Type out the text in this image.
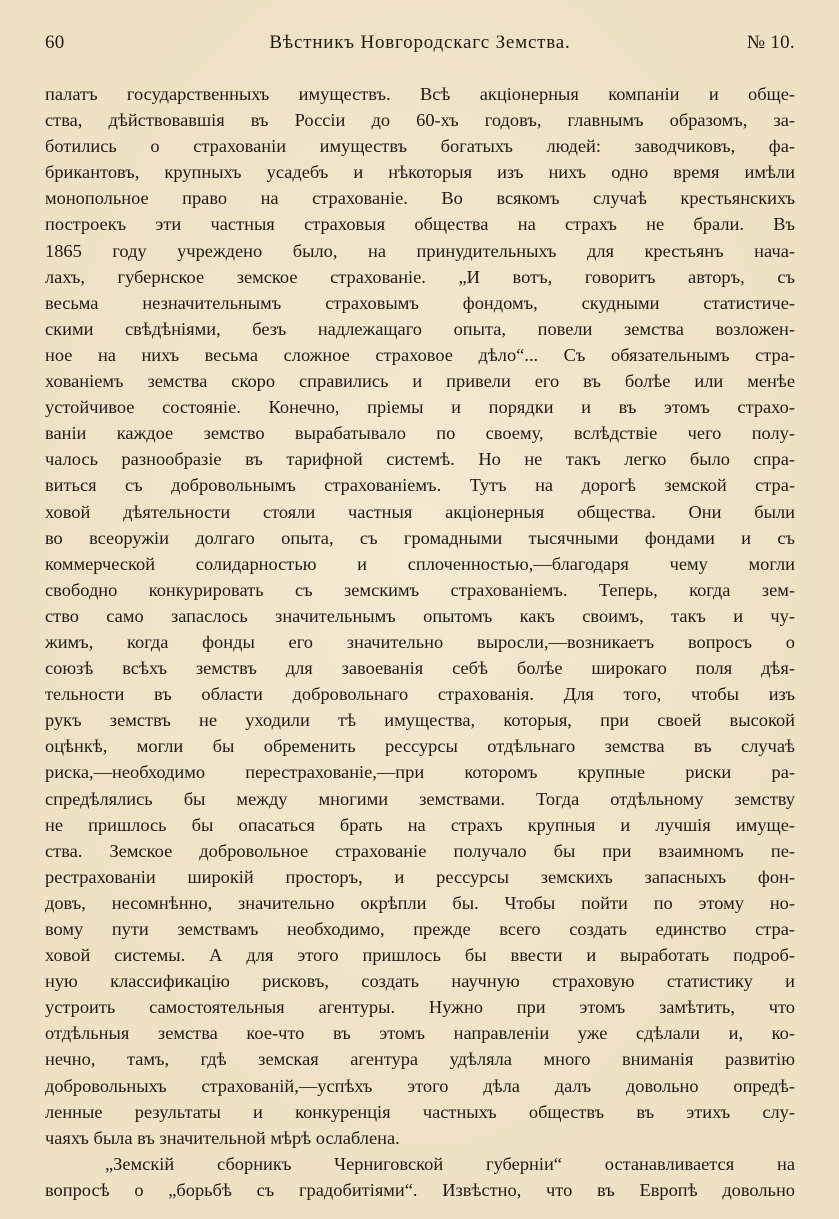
60	Вѣстникъ Новгородскагс Земства.	№ 10.
палатъ государственныхъ имуществъ. Всѣ акціонерныя компаніи и обще-
ства, дѣйствовавшія въ Россіи до 60-хъ годовъ, главнымъ образомъ, за-
ботились о страхованіи имуществъ богатыхъ людей: заводчиковъ, фа-
брикантовъ, крупныхъ усадебъ и нѣкоторыя изъ нихъ одно время имѣли
монопольное право на страхованіе. Во всякомъ случаѣ крестьянскихъ
построекъ эти частныя страховыя общества на страхъ не брали. Въ
1865 году учреждено было, на принудительныхъ для крестьянъ нача-
лахъ, губернское земское страхованіе. „И вотъ, говоритъ авторъ, съ
весьма незначительнымъ страховымъ фондомъ, скудными статистиче-
скими свѣдѣніями, безъ надлежащаго опыта, повели земства возложен-
ное на нихъ весьма сложное страховое дѣло“... Съ обязательнымъ стра-
хованіемъ земства скоро справились и привели его въ болѣе или менѣе
устойчивое состояніе. Конечно, пріемы и порядки и въ этомъ страхо-
ваніи каждое земство вырабатывало по своему, вслѣдствіе чего полу-
чалось разнообразіе въ тарифной системѣ. Но не такъ легко было спра-
виться съ добровольнымъ страхованіемъ. Тутъ на дорогѣ земской стра-
ховой дѣятельности стояли частныя акціонерныя общества. Они были
во всеоружіи долгаго опыта, съ громадными тысячными фондами и съ
коммерческой солидарностью и сплоченностью,—благодаря чему могли
свободно конкурировать съ земскимъ страхованіемъ. Теперь, когда зем-
ство само запаслось значительнымъ опытомъ какъ своимъ, такъ и чу-
жимъ, когда фонды его значительно выросли,—возникаетъ вопросъ о
союзѣ всѣхъ земствъ для завоеванія себѣ болѣе широкаго поля дѣя-
тельности въ области добровольнаго страхованія. Для того, чтобы изъ
рукъ земствъ не уходили тѣ имущества, которыя, при своей высокой
оцѣнкѣ, могли бы обременить рессурсы отдѣльнаго земства въ случаѣ
риска,—необходимо перестрахованіе,—при которомъ крупные риски ра-
спредѣлялись бы между многими земствами. Тогда отдѣльному земству
не пришлось бы опасаться брать на страхъ крупныя и лучшія имуще-
ства. Земское добровольное страхованіе получало бы при взаимномъ пе-
рестрахованіи широкій просторъ, и рессурсы земскихъ запасныхъ фон-
довъ, несомнѣнно, значительно окрѣпли бы. Чтобы пойти по этому но-
вому пути земствамъ необходимо, прежде всего создать единство стра-
ховой системы. А для этого пришлось бы ввести и выработать подроб-
ную классификацію рисковъ, создать научную страховую статистику и
устроить самостоятельныя агентуры. Нужно при этомъ замѣтить, что
отдѣльныя земства кое-что въ этомъ направленіи уже сдѣлали и, ко-
нечно, тамъ, гдѣ земская агентура удѣляла много вниманія развитію
добровольныхъ страхованій,—успѣхъ этого дѣла далъ довольно опредѣ-
ленные результаты и конкуренція частныхъ обществъ въ этихъ слу-
чаяхъ была въ значительной мѣрѣ ослаблена.
„Земскій сборникъ Черниговской губерніи“ останавливается на
вопросѣ о „борьбѣ съ градобитіями“. Извѣстно, что въ Европѣ довольно
